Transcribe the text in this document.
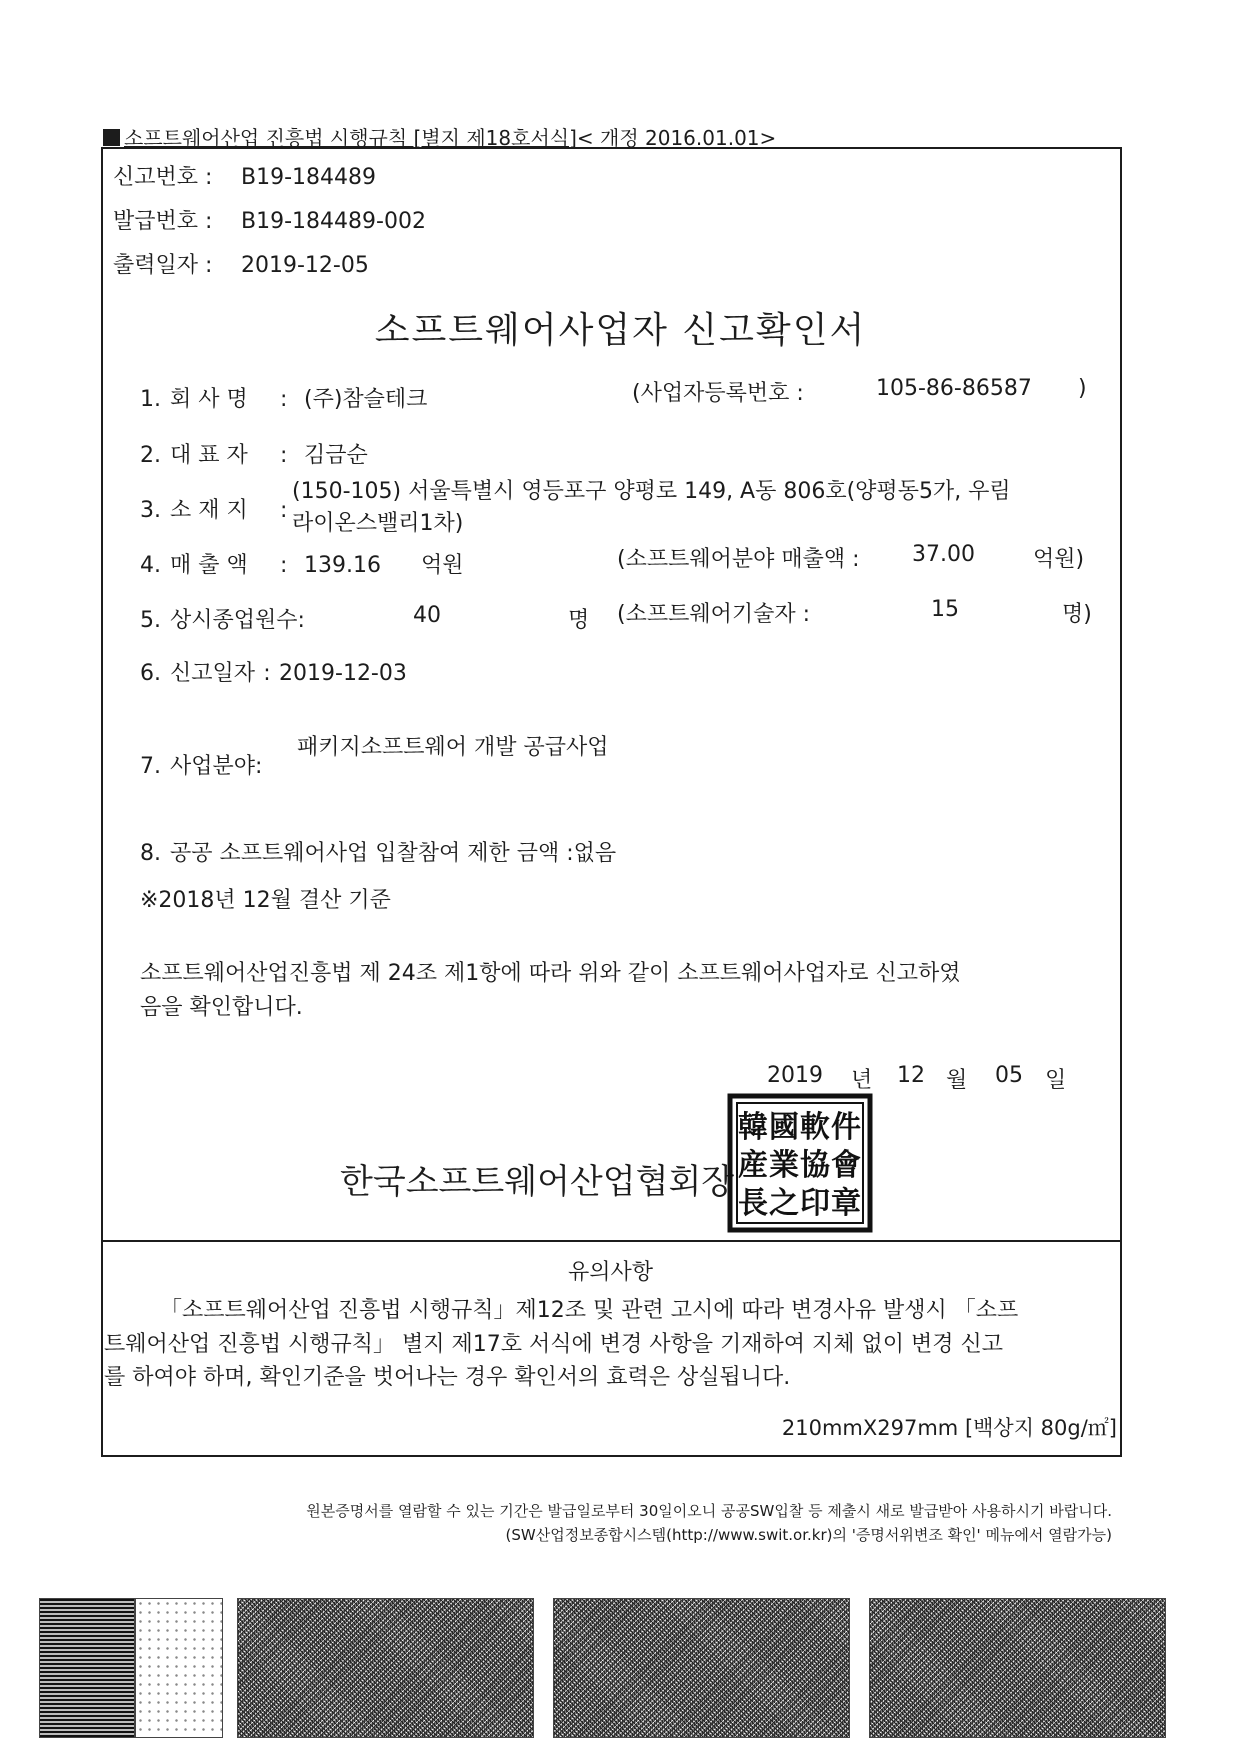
소프트웨어산업 진흥법 시행규칙 [별지 제18호서식]< 개정 2016.01.01>
신고번호 : B19-184489
발급번호 : B19-184489-002
출력일자 : 2019-12-05
소프트웨어사업자 신고확인서
1. 회 사 명 : (주)참슬테크	(사업자등록번호 :	105-86-86587 )
2. 대 표 자 : 김금순
3. 소 재 지 :
(150-105) 서울특별시 영등포구 양평로 149, A동 806호(양평동5가, 우림
라이온스밸리1차)
4. 매 출 액 : 139.16 억원	(소프트웨어분야 매출액 : 37.00	억원)
5. 상시종업원수:	40	명 (소프트웨어기술자 :	15	명)
6. 신고일자 : 2019-12-03
7. 사업분야:
패키지소프트웨어 개발 공급사업
8. 공공 소프트웨어사업 입찰참여 제한 금액 :없음
※2018년 12월 결산 기준
소프트웨어산업진흥법 제 24조 제1항에 따라 위와 같이 소프트웨어사업자로 신고하였
음을 확인합니다.
2019 년 12 월 05 일
한국소프트웨어산업협회장
韓 國 軟 件
産 業 協 會
長 之 印 章
유의사항
「소프트웨어산업 진흥법 시행규칙」제12조 및 관련 고시에 따라 변경사유 발생시 「소프
트웨어산업 진흥법 시행규칙」 별지 제17호 서식에 변경 사항을 기재하여 지체 없이 변경 신고
를 하여야 하며, 확인기준을 벗어나는 경우 확인서의 효력은 상실됩니다.
210mmX297mm [백상지 80g/㎡]
원본증명서를 열람할 수 있는 기간은 발급일로부터 30일이오니 공공SW입찰 등 제출시 새로 발급받아 사용하시기 바랍니다.
(SW산업정보종합시스템(http://www.swit.or.kr)의 '증명서위변조 확인' 메뉴에서 열람가능)
